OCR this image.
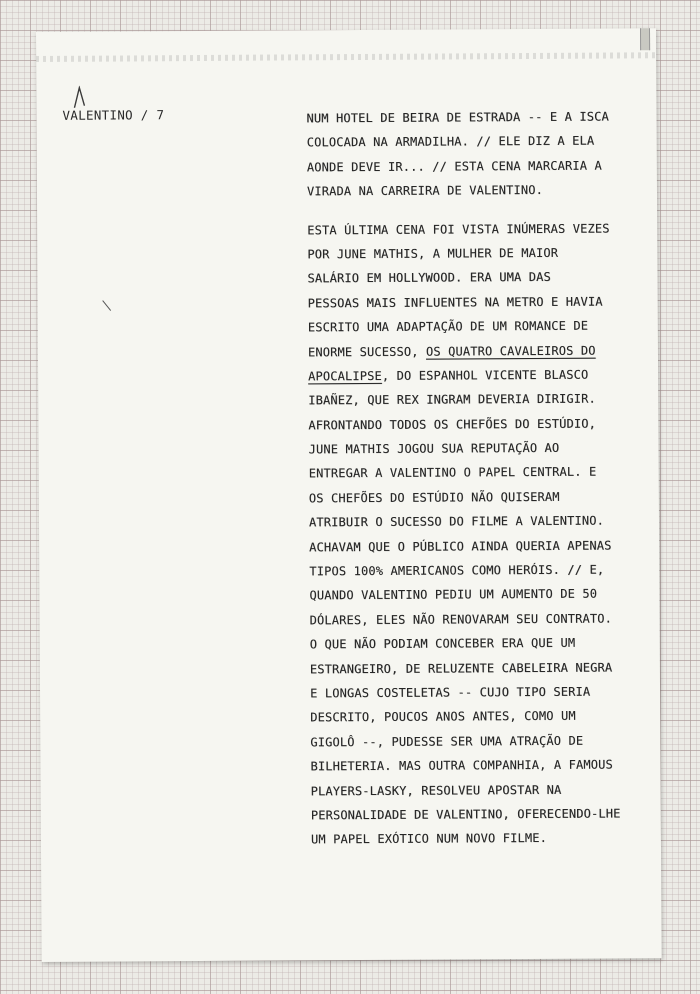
VALENTINO / 7	NUM HOTEL DE BEIRA DE ESTRADA -- E A ISCA
COLOCADA NA ARMADILHA. // ELE DIZ A ELA
AONDE DEVE IR... // ESTA CENA MARCARIA A
VIRADA NA CARREIRA DE VALENTINO.
ESTA ÚLTIMA CENA FOI VISTA INÚMERAS VEZES
POR JUNE MATHIS, A MULHER DE MAIOR
SALÁRIO EM HOLLYWOOD. ERA UMA DAS
PESSOAS MAIS INFLUENTES NA METRO E HAVIA
ESCRITO UMA ADAPTAÇÃO DE UM ROMANCE DE
ENORME SUCESSO, OS QUATRO CAVALEIROS DO
APOCALIPSE, DO ESPANHOL VICENTE BLASCO
IBAÑEZ, QUE REX INGRAM DEVERIA DIRIGIR.
AFRONTANDO TODOS OS CHEFÕES DO ESTÚDIO,
JUNE MATHIS JOGOU SUA REPUTAÇÃO AO
ENTREGAR A VALENTINO O PAPEL CENTRAL. E
OS CHEFÕES DO ESTÚDIO NÃO QUISERAM
ATRIBUIR O SUCESSO DO FILME A VALENTINO.
ACHAVAM QUE O PÚBLICO AINDA QUERIA APENAS
TIPOS 100% AMERICANOS COMO HERÓIS. // E,
QUANDO VALENTINO PEDIU UM AUMENTO DE 50
DÓLARES, ELES NÃO RENOVARAM SEU CONTRATO.
O QUE NÃO PODIAM CONCEBER ERA QUE UM
ESTRANGEIRO, DE RELUZENTE CABELEIRA NEGRA
E LONGAS COSTELETAS -- CUJO TIPO SERIA
DESCRITO, POUCOS ANOS ANTES, COMO UM
GIGOLÔ --, PUDESSE SER UMA ATRAÇÃO DE
BILHETERIA. MAS OUTRA COMPANHIA, A FAMOUS
PLAYERS-LASKY, RESOLVEU APOSTAR NA
PERSONALIDADE DE VALENTINO, OFERECENDO-LHE
UM PAPEL EXÓTICO NUM NOVO FILME.
